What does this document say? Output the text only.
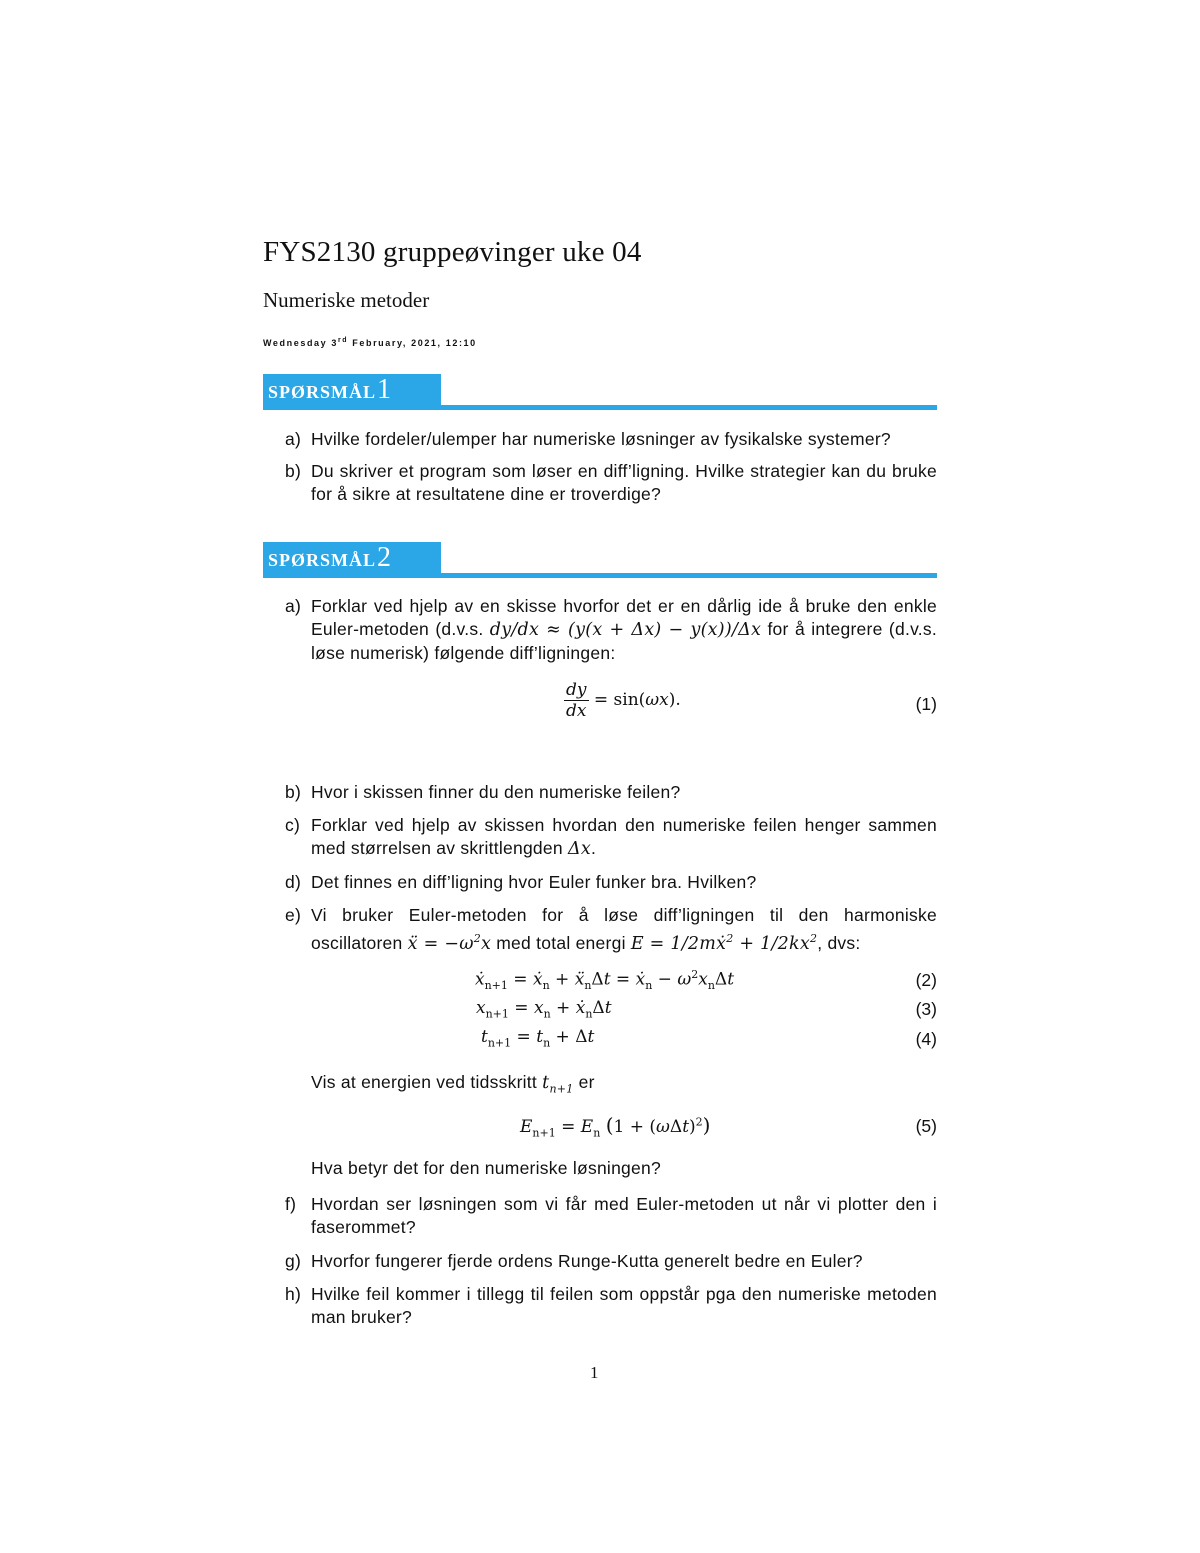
FYS2130 gruppeøvinger uke 04
Numeriske metoder
Wednesday 3rd February, 2021, 12:10
SPØRSMÅL 1
a) Hvilke fordeler/ulemper har numeriske løsninger av fysikalske systemer?
b) Du skriver et program som løser en diff’ligning. Hvilke strategier kan du bruke for å sikre at resultatene dine er troverdige?
SPØRSMÅL 2
a) Forklar ved hjelp av en skisse hvorfor det er en dårlig ide å bruke den enkle Euler-metoden (d.v.s. dy/dx ≈ (y(x + Δx) − y(x))/Δx for å integrere (d.v.s. løse numerisk) følgende diff’ligningen:
$\frac{dy}{dx} = \sin(\omega x)$.	(1)
b) Hvor i skissen finner du den numeriske feilen?
c) Forklar ved hjelp av skissen hvordan den numeriske feilen henger sammen med størrelsen av skrittlengden Δx.
d) Det finnes en diff’ligning hvor Euler funker bra. Hvilken?
e) Vi bruker Euler-metoden for å løse diff’ligningen til den harmoniske oscillatoren ẍ = $-\omega^2x$ med total energi E = 1/2mẋ$^2$ + $1/2kx^2$, dvs:
ẋ$_{n+1}$ = ẋ$_n$ + ẍ$_n$Δt = ẋ$_n$ − $\omega^2x_n\Delta t$	(2)
$x_{n+1} = x_n$ + ẋ$_n$Δt	(3)
$t_{n+1} = t_n + \Delta t$	(4)
Vis at energien ved tidsskritt $t_{n+1}$ er
$E_{n+1} = E_n$ $(1 + (\omega\Delta t)^2)$	(5)
Hva betyr det for den numeriske løsningen?
f) Hvordan ser løsningen som vi får med Euler-metoden ut når vi plotter den i faserommet?
g) Hvorfor fungerer fjerde ordens Runge-Kutta generelt bedre en Euler?
h) Hvilke feil kommer i tillegg til feilen som oppstår pga den numeriske metoden man bruker?
1
